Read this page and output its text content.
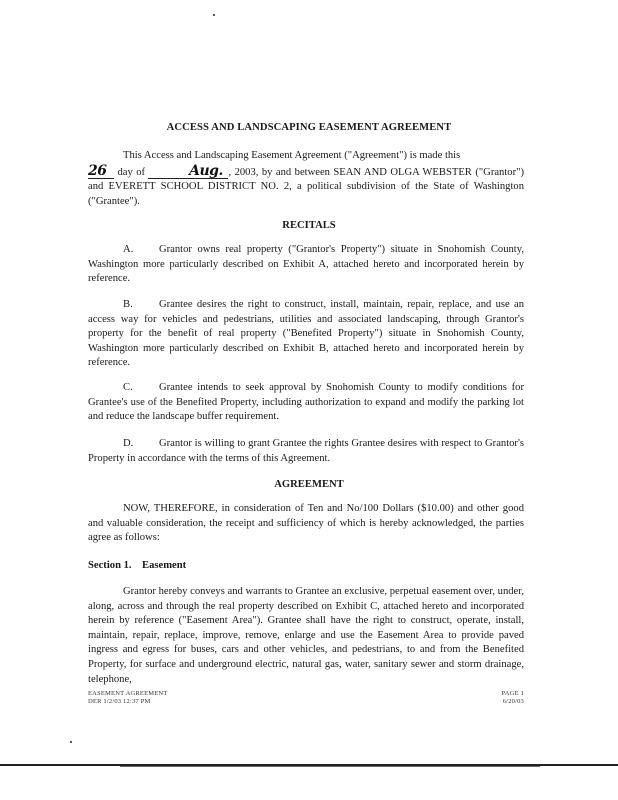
ACCESS AND LANDSCAPING EASEMENT AGREEMENT

This Access and Landscaping Easement Agreement ("Agreement") is made this
26 day of	Aug. , 2003, by and between SEAN AND OLGA WEBSTER ("Grantor") and EVERETT SCHOOL DISTRICT NO. 2, a political subdivision of the State of Washington ("Grantee").

RECITALS

A. Grantor owns real property ("Grantor's Property") situate in Snohomish County, Washington more particularly described on Exhibit A, attached hereto and incorporated herein by reference.

B. Grantee desires the right to construct, install, maintain, repair, replace, and use an access way for vehicles and pedestrians, utilities and associated landscaping, through Grantor's property for the benefit of real property ("Benefited Property") situate in Snohomish County, Washington more particularly described on Exhibit B, attached hereto and incorporated herein by reference.

C. Grantee intends to seek approval by Snohomish County to modify conditions for Grantee's use of the Benefited Property, including authorization to expand and modify the parking lot and reduce the landscape buffer requirement.

D. Grantor is willing to grant Grantee the rights Grantee desires with respect to Grantor's Property in accordance with the terms of this Agreement.

AGREEMENT

NOW, THEREFORE, in consideration of Ten and No/100 Dollars ($10.00) and other good and valuable consideration, the receipt and sufficiency of which is hereby acknowledged, the parties agree as follows:

Section 1. Easement

Grantor hereby conveys and warrants to Grantee an exclusive, perpetual easement over, under, along, across and through the real property described on Exhibit C, attached hereto and incorporated herein by reference ("Easement Area"). Grantee shall have the right to construct, operate, install, maintain, repair, replace, improve, remove, enlarge and use the Easement Area to provide paved ingress and egress for buses, cars and other vehicles, and pedestrians, to and from the Benefited Property, for surface and underground electric, natural gas, water, sanitary sewer and storm drainage, telephone,

EASEMENT AGREEMENT
DER 1/2/03 12:37 PM
PAGE 1
6/20/03
